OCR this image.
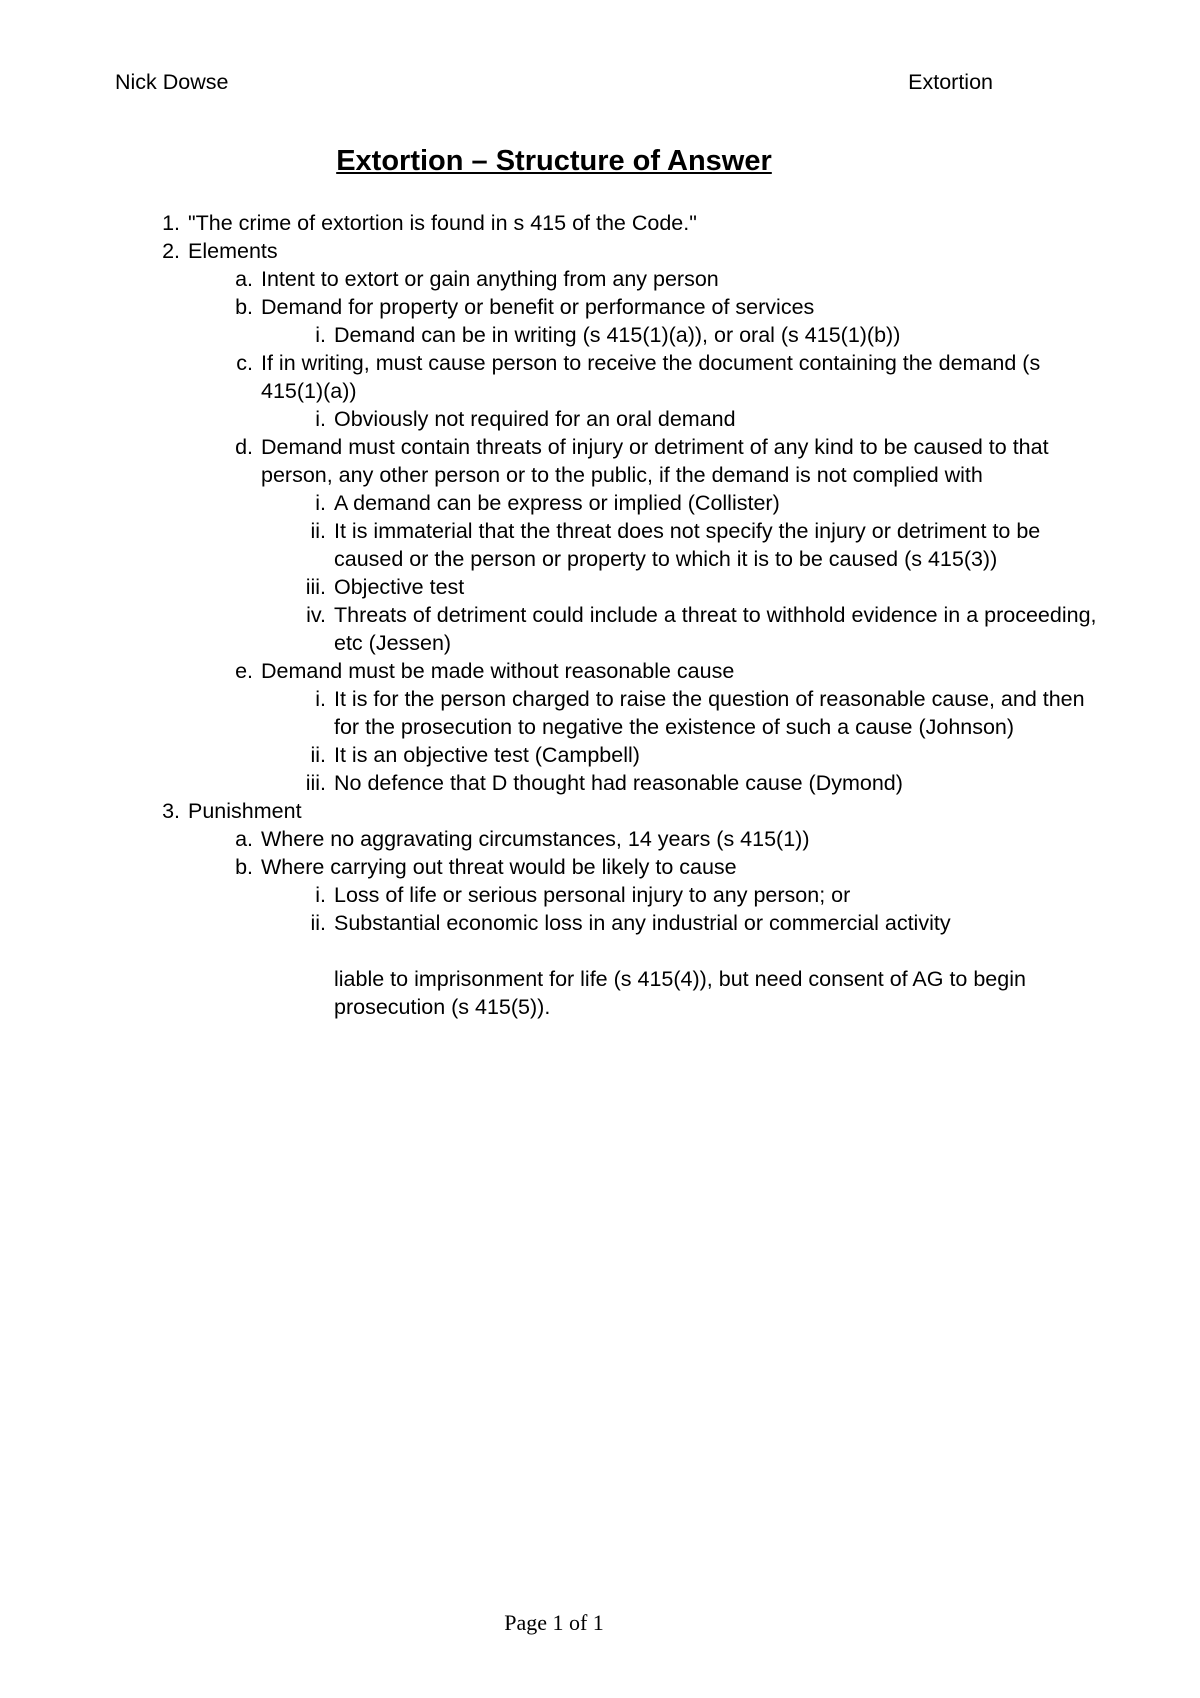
Nick Dowse	Extortion
Extortion – Structure of Answer
1. "The crime of extortion is found in s 415 of the Code."
2. Elements
a. Intent to extort or gain anything from any person
b. Demand for property or benefit or performance of services
i. Demand can be in writing (s 415(1)(a)), or oral (s 415(1)(b))
c. If in writing, must cause person to receive the document containing the demand (s 415(1)(a))
i. Obviously not required for an oral demand
d. Demand must contain threats of injury or detriment of any kind to be caused to that person, any other person or to the public, if the demand is not complied with
i. A demand can be express or implied (Collister)
ii. It is immaterial that the threat does not specify the injury or detriment to be caused or the person or property to which it is to be caused (s 415(3))
iii. Objective test
iv. Threats of detriment could include a threat to withhold evidence in a proceeding, etc (Jessen)
e. Demand must be made without reasonable cause
i. It is for the person charged to raise the question of reasonable cause, and then for the prosecution to negative the existence of such a cause (Johnson)
ii. It is an objective test (Campbell)
iii. No defence that D thought had reasonable cause (Dymond)
3. Punishment
a. Where no aggravating circumstances, 14 years (s 415(1))
b. Where carrying out threat would be likely to cause
i. Loss of life or serious personal injury to any person; or
ii. Substantial economic loss in any industrial or commercial activity
liable to imprisonment for life (s 415(4)), but need consent of AG to begin prosecution (s 415(5)).
Page 1 of 1
